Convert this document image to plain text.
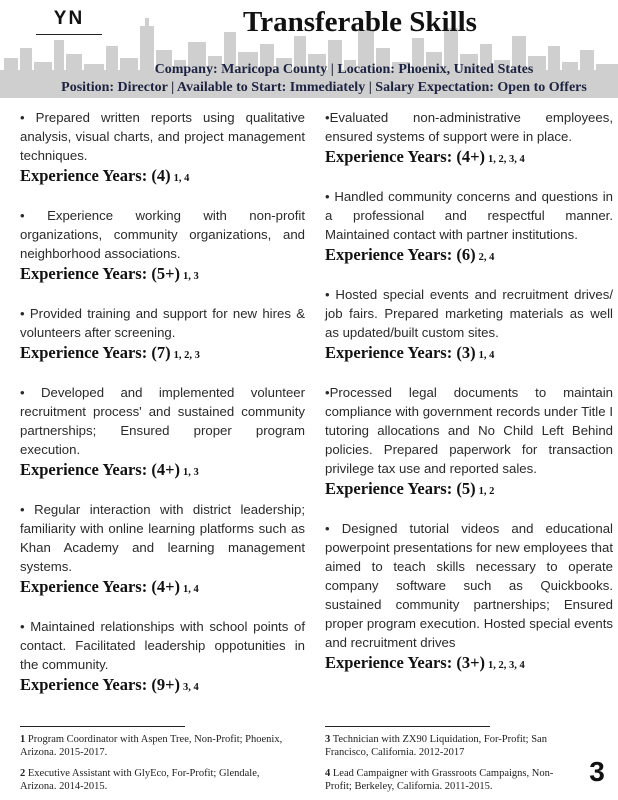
YN	Transferable Skills
Company: Maricopa County | Location: Phoenix, United States
Position: Director | Available to Start: Immediately | Salary Expectation: Open to Offers
• Prepared written reports using qualitative analysis, visual charts, and project management techniques.
Experience Years: (4) 1, 4
• Experience working with non-profit organizations, community organizations, and neighborhood associations.
Experience Years: (5+) 1, 3
• Provided training and support for new hires & volunteers after screening.
Experience Years: (7) 1, 2, 3
• Developed and implemented volunteer recruitment process' and sustained community partnerships; Ensured proper program execution.
Experience Years: (4+) 1, 3
• Regular interaction with district leadership; familiarity with online learning platforms such as Khan Academy and learning management systems.
Experience Years: (4+) 1, 4
• Maintained relationships with school points of contact. Facilitated leadership oppotunities in the community.
Experience Years: (9+) 3, 4
•Evaluated non-administrative employees, ensured systems of support were in place.
Experience Years: (4+) 1, 2, 3, 4
• Handled community concerns and questions in a professional and respectful manner. Maintained contact with partner institutions.
Experience Years: (6) 2, 4
• Hosted special events and recruitment drives/ job fairs. Prepared marketing materials as well as updated/built custom sites.
Experience Years: (3) 1, 4
•Processed legal documents to maintain compliance with government records under Title I tutoring allocations and No Child Left Behind policies. Prepared paperwork for transaction privilege tax use and reported sales.
Experience Years: (5) 1, 2
• Designed tutorial videos and educational powerpoint presentations for new employees that aimed to teach skills necessary to operate company software such as Quickbooks. sustained community partnerships; Ensured proper program execution. Hosted special events and recruitment drives
Experience Years: (3+) 1, 2, 3, 4
1 Program Coordinator with Aspen Tree, Non-Profit; Phoenix, Arizona. 2015-2017.
2 Executive Assistant with GlyEco, For-Profit; Glendale, Arizona. 2014-2015.
3 Technician with ZX90 Liquidation, For-Profit; San Francisco, California. 2012-2017
4 Lead Campaigner with Grassroots Campaigns, Non-Profit; Berkeley, California. 2011-2015.	3
